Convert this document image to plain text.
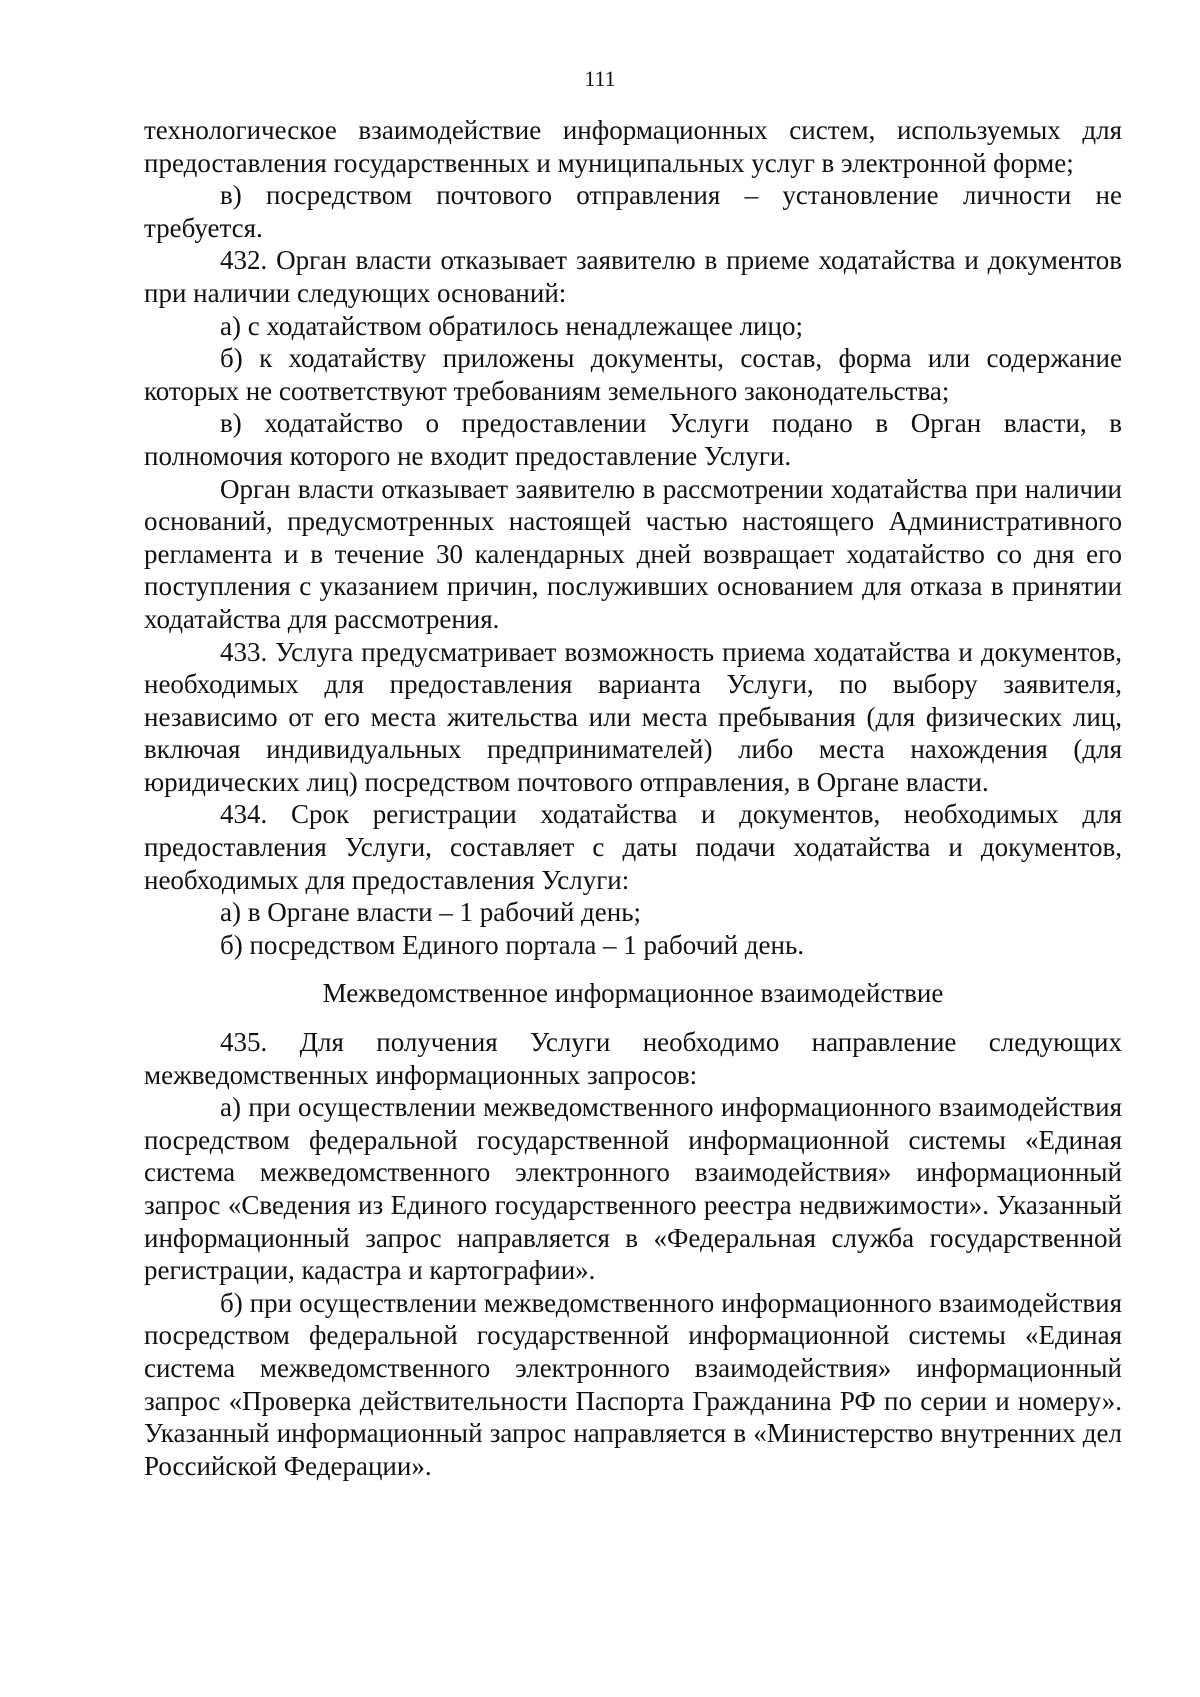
111

технологическое взаимодействие информационных систем, используемых для предоставления государственных и муниципальных услуг в электронной форме;

в) посредством почтового отправления – установление личности не требуется.

432. Орган власти отказывает заявителю в приеме ходатайства и документов при наличии следующих оснований:

а) с ходатайством обратилось ненадлежащее лицо;

б) к ходатайству приложены документы, состав, форма или содержание которых не соответствуют требованиям земельного законодательства;

в) ходатайство о предоставлении Услуги подано в Орган власти, в полномочия которого не входит предоставление Услуги.

Орган власти отказывает заявителю в рассмотрении ходатайства при наличии оснований, предусмотренных настоящей частью настоящего Административного регламента и в течение 30 календарных дней возвращает ходатайство со дня его поступления с указанием причин, послуживших основанием для отказа в принятии ходатайства для рассмотрения.

433. Услуга предусматривает возможность приема ходатайства и документов, необходимых для предоставления варианта Услуги, по выбору заявителя, независимо от его места жительства или места пребывания (для физических лиц, включая индивидуальных предпринимателей) либо места нахождения (для юридических лиц) посредством почтового отправления, в Органе власти.

434. Срок регистрации ходатайства и документов, необходимых для предоставления Услуги, составляет с даты подачи ходатайства и документов, необходимых для предоставления Услуги:

а) в Органе власти – 1 рабочий день;

б) посредством Единого портала – 1 рабочий день.

Межведомственное информационное взаимодействие

435. Для получения Услуги необходимо направление следующих межведомственных информационных запросов:

а) при осуществлении межведомственного информационного взаимодействия посредством федеральной государственной информационной системы «Единая система межведомственного электронного взаимодействия» информационный запрос «Сведения из Единого государственного реестра недвижимости». Указанный информационный запрос направляется в «Федеральная служба государственной регистрации, кадастра и картографии».

б) при осуществлении межведомственного информационного взаимодействия посредством федеральной государственной информационной системы «Единая система межведомственного электронного взаимодействия» информационный запрос «Проверка действительности Паспорта Гражданина РФ по серии и номеру». Указанный информационный запрос направляется в «Министерство внутренних дел Российской Федерации».
